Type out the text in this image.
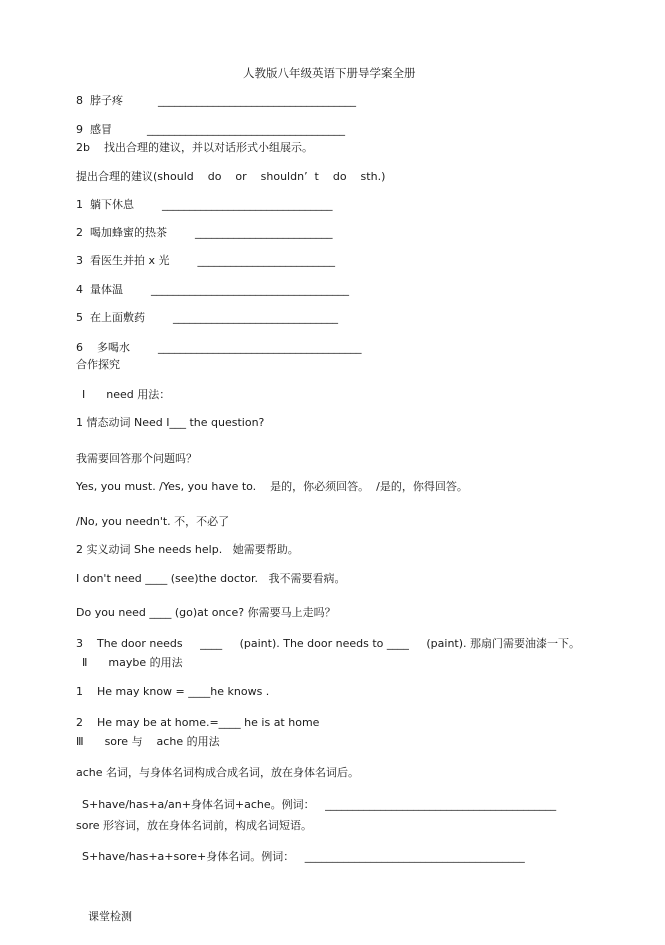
人教版八年级英语下册导学案全册
8  脖子疼          ____________________________________
9  感冒          ____________________________________
2b    找出合理的建议，并以对话形式小组展示。
提出合理的建议(should    do    or    shouldn’  t    do    sth.)
1  躺下休息        _______________________________
2  喝加蜂蜜的热茶        _________________________
3  看医生并拍 x 光        _________________________
4  量体温        ____________________________________
5  在上面敷药        ______________________________
6    多喝水        _____________________________________
合作探究
Ⅰ      need 用法：
1 情态动词 Need I___ the question?
我需要回答那个问题吗？
Yes, you must. /Yes, you have to.    是的，你必须回答。  /是的，你得回答。
/No, you needn't. 不，不必了
2 实义动词 She needs help.   她需要帮助。
I don't need ____ (see)the doctor.   我不需要看病。
Do you need ____ (go)at once? 你需要马上走吗？
3    The door needs     ____     (paint). The door needs to ____     (paint). 那扇门需要油漆一下。
Ⅱ      maybe 的用法
1    He may know = ____he knows .
2    He may be at home.=____ he is at home
Ⅲ      sore 与    ache 的用法
ache 名词，与身体名词构成合成名词，放在身体名词后。
S+have/has+a/an+身体名词+ache。例词：   __________________________________________
sore 形容词，放在身体名词前，构成名词短语。
S+have/has+a+sore+身体名词。例词：   ________________________________________
课堂检测
